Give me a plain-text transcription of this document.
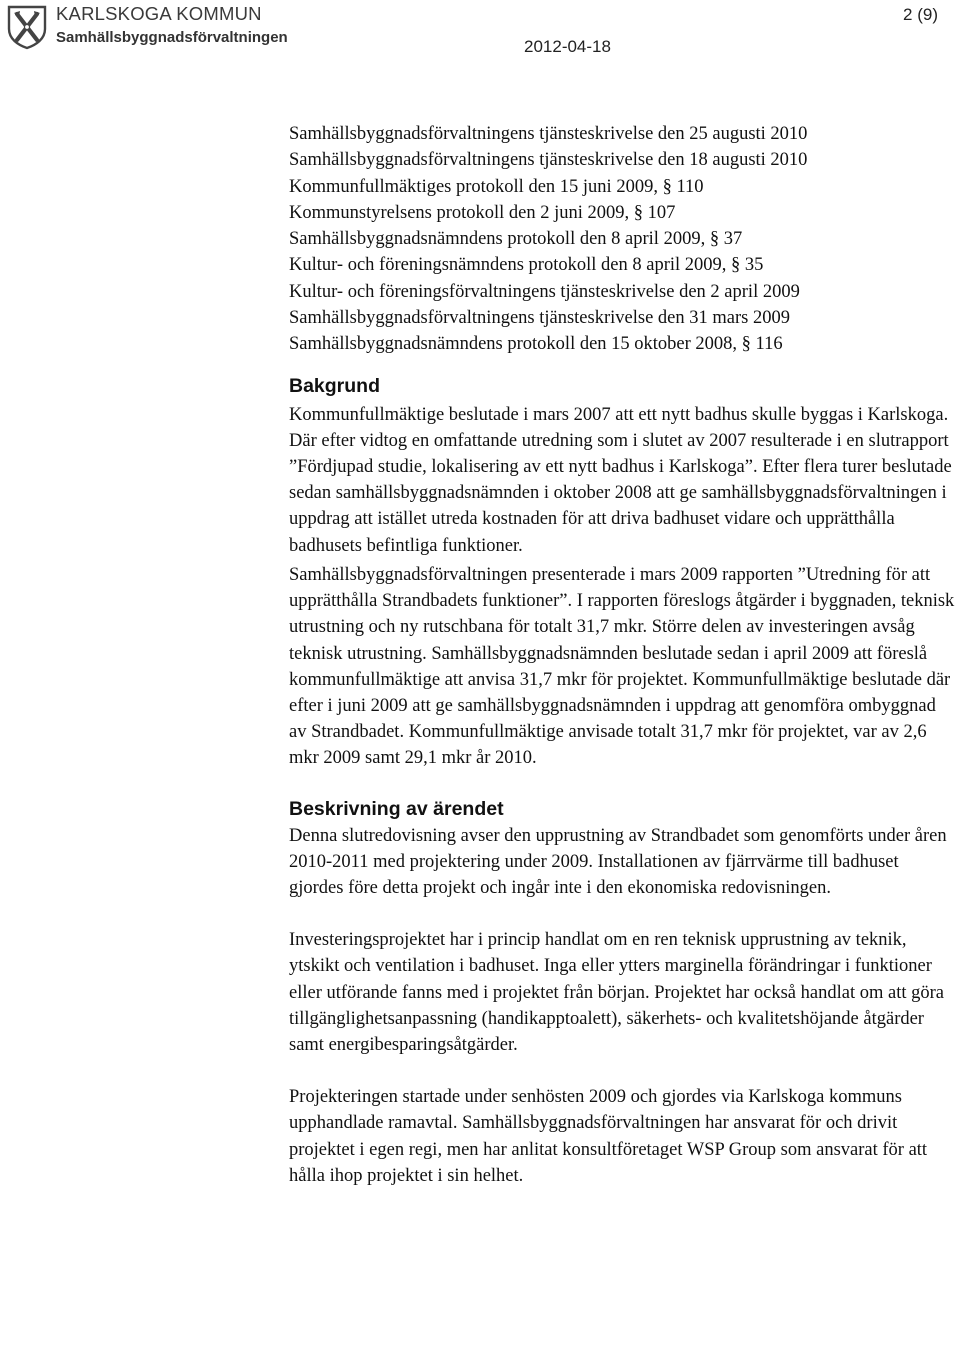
KARLSKOGA KOMMUN
Samhällsbyggnadsförvaltningen
2 (9)
2012-04-18
Samhällsbyggnadsförvaltningens tjänsteskrivelse den 25 augusti 2010
Samhällsbyggnadsförvaltningens tjänsteskrivelse den 18 augusti 2010
Kommunfullmäktiges protokoll den 15 juni 2009, § 110
Kommunstyrelsens protokoll den 2 juni 2009, § 107
Samhällsbyggnadsnämndens protokoll den 8 april 2009, § 37
Kultur- och föreningsnämndens protokoll den 8 april 2009, § 35
Kultur- och föreningsförvaltningens tjänsteskrivelse den 2 april 2009
Samhällsbyggnadsförvaltningens tjänsteskrivelse den 31 mars 2009
Samhällsbyggnadsnämndens protokoll den 15 oktober 2008, § 116
Bakgrund

Kommunfullmäktige beslutade i mars 2007 att ett nytt badhus skulle byggas i Karlskoga. Där efter vidtog en omfattande utredning som i slutet av 2007 resulterade i en slutrapport ”Fördjupad studie, lokalisering av ett nytt badhus i Karlskoga”. Efter flera turer beslutade sedan samhällsbyggnadsnämnden i oktober 2008 att ge samhällsbyggnadsförvaltningen i uppdrag att istället utreda kostnaden för att driva badhuset vidare och upprätthålla badhusets befintliga funktioner.

Samhällsbyggnadsförvaltningen presenterade i mars 2009 rapporten ”Utredning för att upprätthålla Strandbadets funktioner”. I rapporten föreslogs åtgärder i byggnaden, teknisk utrustning och ny rutschbana för totalt 31,7 mkr. Större delen av investeringen avsåg teknisk utrustning. Samhällsbyggnadsnämnden beslutade sedan i april 2009 att föreslå kommunfullmäktige att anvisa 31,7 mkr för projektet. Kommunfullmäktige beslutade där efter i juni 2009 att ge samhällsbyggnadsnämnden i uppdrag att genomföra ombyggnad av Strandbadet. Kommunfullmäktige anvisade totalt 31,7 mkr för projektet, var av 2,6 mkr 2009 samt 29,1 mkr år 2010.

Beskrivning av ärendet

Denna slutredovisning avser den upprustning av Strandbadet som genomförts under åren 2010-2011 med projektering under 2009. Installationen av fjärrvärme till badhuset gjordes före detta projekt och ingår inte i den ekonomiska redovisningen.

Investeringsprojektet har i princip handlat om en ren teknisk upprustning av teknik, ytskikt och ventilation i badhuset. Inga eller ytters marginella förändringar i funktioner eller utförande fanns med i projektet från början. Projektet har också handlat om att göra tillgänglighetsanpassning (handikapptoalett), säkerhets- och kvalitetshöjande åtgärder samt energibesparingsåtgärder.

Projekteringen startade under senhösten 2009 och gjordes via Karlskoga kommuns upphandlade ramavtal. Samhällsbyggnadsförvaltningen har ansvarat för och drivit projektet i egen regi, men har anlitat konsultföretaget WSP Group som ansvarat för att hålla ihop projektet i sin helhet.
